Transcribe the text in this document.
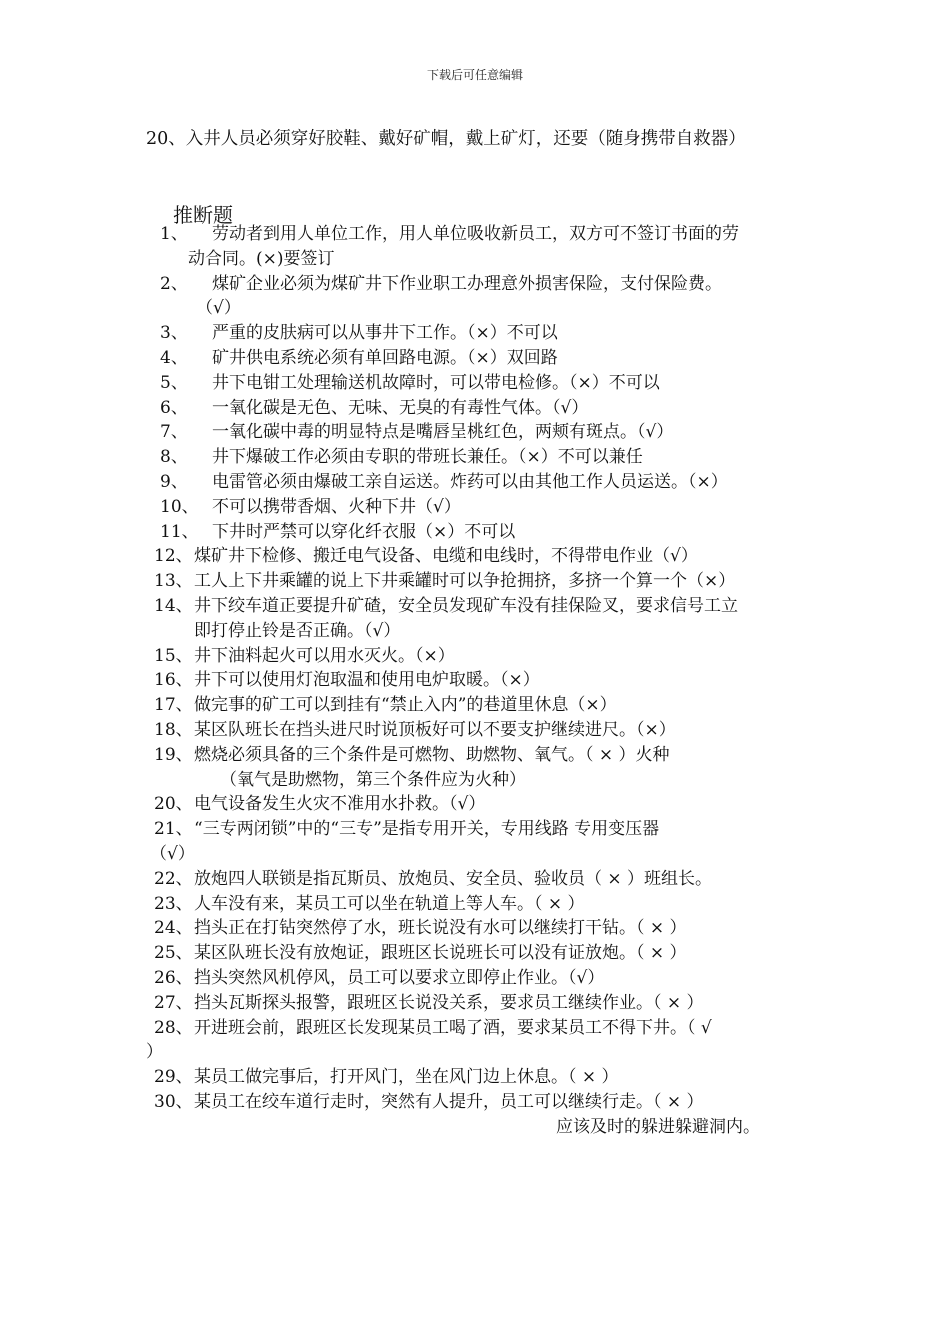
下载后可任意编辑
20、入井人员必须穿好胶鞋、戴好矿帽，戴上矿灯，还要（随身携带自救器）
推断题
1、	劳动者到用人单位工作，用人单位吸收新员工，双方可不签订书面的劳
动合同。(×)要签订
2、	煤矿企业必须为煤矿井下作业职工办理意外损害保险，支付保险费。
（√）
3、	严重的皮肤病可以从事井下工作。（×）不可以
4、	矿井供电系统必须有单回路电源。（×）双回路
5、	井下电钳工处理输送机故障时，可以带电检修。（×）不可以
6、	一氧化碳是无色、无味、无臭的有毒性气体。（√）
7、	一氧化碳中毒的明显特点是嘴唇呈桃红色，两颊有斑点。（√）
8、	井下爆破工作必须由专职的带班长兼任。（×）不可以兼任
9、	电雷管必须由爆破工亲自运送。炸药可以由其他工作人员运送。（×）
10、 不可以携带香烟、火种下井（√）
11、 下井时严禁可以穿化纤衣服（×）不可以
12、 煤矿井下检修、搬迁电气设备、电缆和电线时，不得带电作业（√）
13、 工人上下井乘罐的说上下井乘罐时可以争抢拥挤，多挤一个算一个（×）
14、 井下绞车道正要提升矿碴，安全员发现矿车没有挂保险叉，要求信号工立
即打停止铃是否正确。（√）
15、 井下油料起火可以用水灭火。（×）
16、 井下可以使用灯泡取温和使用电炉取暖。（×）
17、 做完事的矿工可以到挂有“禁止入内”的巷道里休息（×）
18、 某区队班长在挡头进尺时说顶板好可以不要支护继续进尺。（×）
19、 燃烧必须具备的三个条件是可燃物、助燃物、氧气。（ × ）火种
（氧气是助燃物，第三个条件应为火种）
20、 电气设备发生火灾不准用水扑救。（√）
21、 “三专两闭锁”中的“三专”是指专用开关，专用线路 专用变压器
（√）
22、 放炮四人联锁是指瓦斯员、放炮员、安全员、验收员（ × ）班组长。
23、 人车没有来，某员工可以坐在轨道上等人车。（ × ）
24、 挡头正在打钻突然停了水，班长说没有水可以继续打干钻。（ × ）
25、 某区队班长没有放炮证，跟班区长说班长可以没有证放炮。（ × ）
26、 挡头突然风机停风，员工可以要求立即停止作业。（√）
27、 挡头瓦斯探头报警，跟班区长说没关系，要求员工继续作业。（ × ）
28、 开进班会前，跟班区长发现某员工喝了酒，要求某员工不得下井。（ √
）
29、 某员工做完事后，打开风门，坐在风门边上休息。（ × ）
30、 某员工在绞车道行走时，突然有人提升，员工可以继续行走。（ × ）
应该及时的躲进躲避洞内。
